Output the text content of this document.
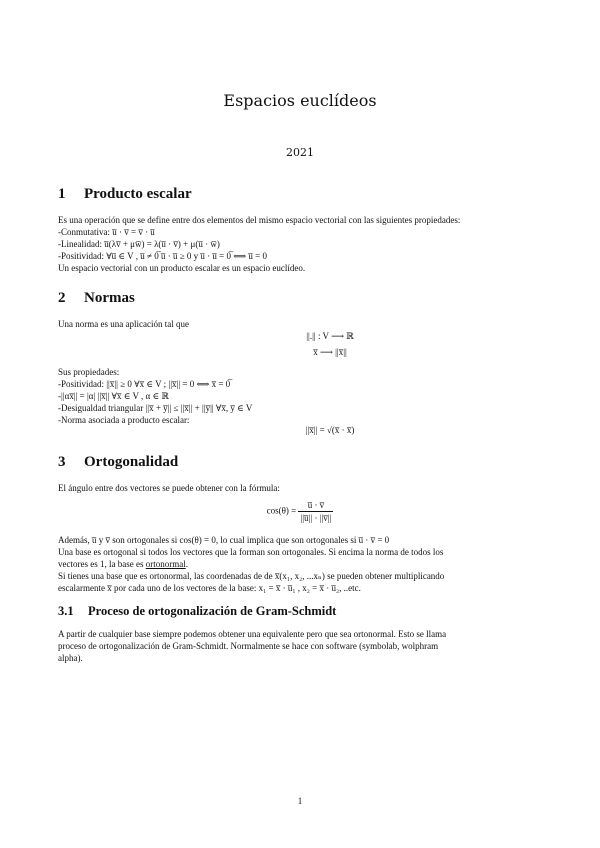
Espacios euclídeos
2021
1 Producto escalar
Es una operación que se define entre dos elementos del mismo espacio vectorial con las siguientes propiedades:
-Conmutativa: u̅ · v̅ = v̅ · u̅
-Linealidad: u̅(λv̅ + μw̅) = λ(u̅ · v̅) + μ(u̅ · w̅)
-Positividad: ∀u̅ ∈ V , u̅ ≠ 0̅ u̅ · u̅ ≥ 0 y u̅ · u̅ = 0̅ ⟺ u̅ = 0
Un espacio vectorial con un producto escalar es un espacio euclídeo.
2 Normas
Una norma es una aplicación tal que
||.|| : V ⟶ ℝ
x̅ ⟶ ||x̅||
Sus propiedades:
-Positividad: ||x̅|| ≥ 0 ∀x̅ ∈ V ; ||x̅|| = 0 ⟺ x̅ = 0̅
-||αx̅|| = |α| ||x̅|| ∀x̅ ∈ V , α ∈ ℝ
-Desigualdad triangular ||x̅ + y̅|| ≤ ||x̅|| + ||y̅|| ∀x̅, y̅ ∈ V
-Norma asociada a producto escalar:
||x̅|| = √(x̅ · x̅)
3 Ortogonalidad
El ángulo entre dos vectores se puede obtener con la fórmula:
$\cos(\theta) = \frac{u̅ \cdot v̅}{||u̅|| \cdot ||v̅||}$
Además, u̅ y v̅ son ortogonales si cos(θ) = 0, lo cual implica que son ortogonales si u̅ · v̅ = 0
Una base es ortogonal si todos los vectores que la forman son ortogonales. Si encima la norma de todos los
vectores es 1, la base es ortonormal.
Si tienes una base que es ortonormal, las coordenadas de de x̅(x₁, x₂, ...xₙ) se pueden obtener multiplicando
escalarmente x̅ por cada uno de los vectores de la base: x₁ = x̅ · u̅₁ , x₂ = x̅ · u̅₂, ..etc.
3.1 Proceso de ortogonalización de Gram-Schmidt
A partir de cualquier base siempre podemos obtener una equivalente pero que sea ortonormal. Esto se llama
proceso de ortogonalización de Gram-Schmidt. Normalmente se hace con software (symbolab, wolphram
alpha).
1
